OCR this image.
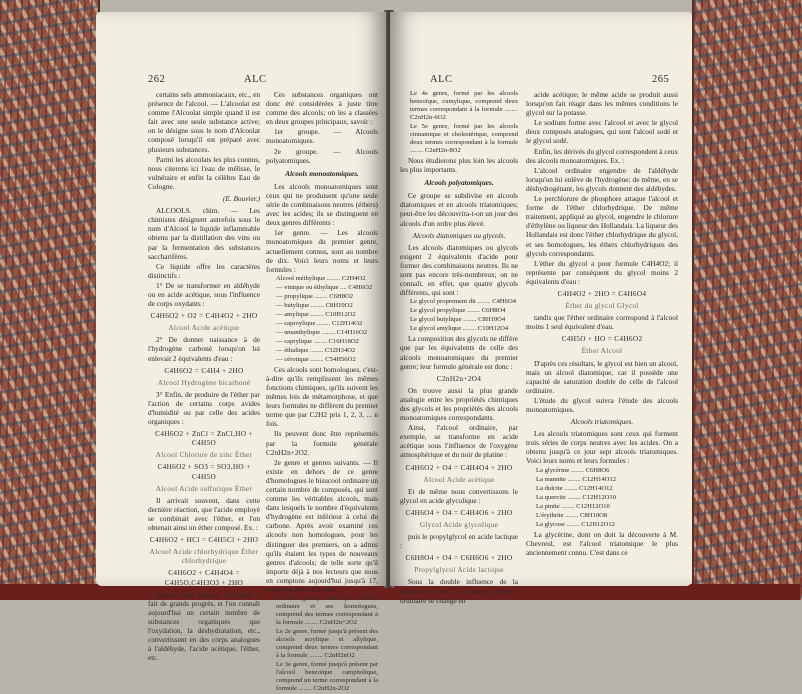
262	ALC

certains sels ammoniacaux, etc., en présence de l'alcool. — L'alcoolat est comme l'Alcoolat simple quand il est fait avec une seule substance active; on le désigne sous le nom d'Alcoolat composé lorsqu'il est préparé avec plusieurs substances.

Parmi les alcoolats les plus connus, nous citerons ici l'eau de mélisse, le vulnéraire et enfin la célèbre Eau de Cologne.

(E. Bouvier.)

ALCOOLS. chim. — Les chimistes désignent autrefois sous le nom d'Alcool le liquide inflammable obtenu par la distillation des vins ou par la fermentation des substances saccharifères.

Ce liquide offre les caractères distinctifs :

1° De se transformer en aldéhyde ou en acide acétique, sous l'influence de corps oxydants :

C4H6O2 + O2 = C4H4O2 + 2HO

Alcool Acide acétique

2° De donner naissance à de l'hydrogène carboné lorsqu'on lui enlevait 2 équivalents d'eau :

C4H6O2 = C4H4 + 2HO

Alcool Hydrogène bicarboné

3° Enfin, de produire de l'éther par l'action de certains corps avides d'humidité ou par celle des acides organiques :

C4H6O2 + ZnCl = ZnCl,HO + C4H5O

Alcool Chlorure de zinc Éther

C4H6O2 + SO3 = SO3,HO + C4H5O

Alcool Acide sulfurique Éther

Il arrivait souvent, dans cette dernière réaction, que l'acide employé se combinait avec l'éther, et l'on obtenait ainsi un éther composé. Ex. :

C4H6O2 + HCl = C4H5Cl + 2HO

Alcool Acide chlorhydrique Éther chlorhydrique

C4H6O2 + C4H4O4 = C4H5O,C4H3O3 + 2HO

Depuis cette époque, la chimie a fait de grands progrès, et l'on connaît aujourd'hui un certain nombre de substances organiques que l'oxydation, la déshydratation, etc., convertissent en des corps analogues à l'aldéhyde, l'acide acétique, l'éther, etc.

Ces substances organiques ont donc été considérées à juste titre comme des alcools; on les a classées en deux groupes principaux, savoir :

1er groupe. — Alcools monoatomiques.

2e groupe. — Alcools polyatomiques.

Alcools monoatomiques.

Les alcools monoatomiques sont ceux qui ne produisent qu'une seule série de combinaisons neutres (éthers) avec les acides; ils se distinguent en deux genres différents :

1er genre. — Les alcools monoatomiques du premier genre, actuellement connus, sont au nombre de dix. Voici leurs noms et leurs formules :

Alcool méthylique ........ C2H4O2

— vinique ou éthylique .... C4H6O2

— propylique ........ C6H8O2

— butylique ........ C8H10O2

— amylique ........ C10H12O2

— caproylique ........ C12H14O2

— œnanthylique ........ C14H16O2

— caprylique ........ C16H18O2

— éthalique ........ C32H34O2

— cérotique ........ C54H56O2

Ces alcools sont homologues, c'est-à-dire qu'ils remplissent les mêmes fonctions chimiques, qu'ils suivent les mêmes lois de métamorphose, et que leurs formules ne diffèrent du premier terme que par C2H2 pris 1, 2, 3, ... n fois.

Ils peuvent donc être représentés par la formule générale C2nH2n+2O2.

2e genre et genres suivants. — Il existe en dehors de ce genre d'homologues le bisucool ordinaire un certain nombre de composés, qui sont comme les véritables alcools, mais dans lesquels le nombre d'équivalents d'hydrogène est inférieur à celui du carbone. Après avoir examiné ces alcools non homologues, pour les distinguer des premiers, on a admis qu'ils étaient les types de nouveaux genres d'alcools; de telle sorte qu'il importe déjà à nos lecteurs que nous en comptons aujourd'hui jusqu'à 17, et leurs genres. En effet :

Le 1er genre, formé par l'alcool ordinaire et ses homologues, comprend des termes correspondant à la formule ........ C2nH2n+2O2

Le 2e genre, formé jusqu'à présent des alcools acrylique et allylique, comprend deux termes correspondant à la formule ........ C2nH2nO2

Le 3e genre, formé jusqu'à présent par l'alcool benzoïque campholique, comprend un terme correspondant à la formule ........ C2nH2n-2O2

ALC	265

Le 4e genre, formé par les alcools benzoïque, cumylique, comprend deux termes correspondant à la formule ........ C2nH2n-6O2

Le 5e genre, formé par les alcools cinnamique et cholestérique, comprend deux termes correspondant à la formule ........ C2nH2n-8O2

Nous étudierons plus loin les alcools les plus importants.

Alcools polyatomiques.

Ce groupe se subdivise en alcools diatomiques et en alcools triatomiques; peut-être les découvrira-t-on un jour des alcools d'un ordre plus élevé.

Alcools diatomiques ou glycols.

Les alcools diatomiques ou glycols exigent 2 équivalents d'acide pour former des combinaisons neutres. Ils ne sont pas encore très-nombreux; on ne connaît, en effet, que quatre glycols différents, qui sont :

Le glycol proprement dit ........ C4H6O4

Le glycol propylique ........ C6H8O4

Le glycol butylique ........ C8H10O4

Le glycol amylique ........ C10H12O4

La composition des glycols ne diffère que par les équivalents de celle des alcools monoatomiques du premier genre; leur formule générale est donc :

C2nH2n+2O4

On trouve aussi la plus grande analogie entre les propriétés chimiques des glycols et les propriétés des alcools monoatomiques correspondants.

Ainsi, l'alcool ordinaire, par exemple, se transforme en acide acétique sous l'influence de l'oxygène atmosphérique et du noir de platine :

C4H6O2 + O4 = C4H4O4 + 2HO

Alcool Acide acétique

Et de même nous convertissons le glycol en acide glycolique :

C4H6O4 + O4 = C4H4O6 + 2HO

Glycol Acide glycolique

puis le propylglycol en acide lactique :

C6H8O4 + O4 = C6H6O6 + 2HO

Propylglycol Acide lactique

Sous la double influence de la potasse et de la chaleur, l'alcool ordinaire se change en

acide acétique; le même acide se produit aussi lorsqu'on fait réagir dans les mêmes conditions le glycol sur la potasse.

Le sodium forme avec l'alcool et avec le glycol deux composés analogues, qui sont l'alcool sodé et le glycol sodé.

Enfin, les dérivés du glycol correspondent à ceux des alcools monoatomiques. Ex. :

L'alcool ordinaire engendre de l'aldéhyde lorsqu'on lui enlève de l'hydrogène; de même, en se déshydrogénant, les glycols donnent des aldéhydes.

Le perchlorure de phosphore attaque l'alcool et forme de l'éther chlorhydrique. De même traitement, appliqué au glycol, engendre le chlorure d'éthylène ou liqueur des Hollandais. La liqueur des Hollandais est donc l'éther chlorhydrique du glycol, et ses homologues, les éthers chlorhydriques des glycols correspondants.

L'éther du glycol a pour formule C4H4O2; il représente par conséquent du glycol moins 2 équivalents d'eau :

C4H4O2 + 2HO = C4H6O4

Éther du glycol Glycol

tandis que l'éther ordinaire correspond à l'alcool moins 1 seul équivalent d'eau.

C4H5O + HO = C4H6O2

Éther Alcool

D'après ces résultats, le glycol est bien un alcool, mais un alcool diatomique, car il possède une capacité de saturation double de celle de l'alcool ordinaire.

L'étude du glycol suivra l'étude des alcools monoatomiques.

Alcools triatomiques.

Les alcools triatomiques sont ceux qui forment trois séries de corps neutres avec les acides. On a obtenu jusqu'à ce jour sept alcools triatomiques. Voici leurs noms et leurs formules :

La glycérine ........ C6H8O6

La mannite ........ C12H14O12

La dulcite ........ C12H14O12

La quercite ........ C12H12O10

La pinite ........ C12H12O10

L'érythrite ........ C8H10O8

La glycose ........ C12H12O12

La glycérine, dont on doit la découverte à M. Chevreul, est l'alcool triatomique le plus anciennement connu. C'est dans ce
